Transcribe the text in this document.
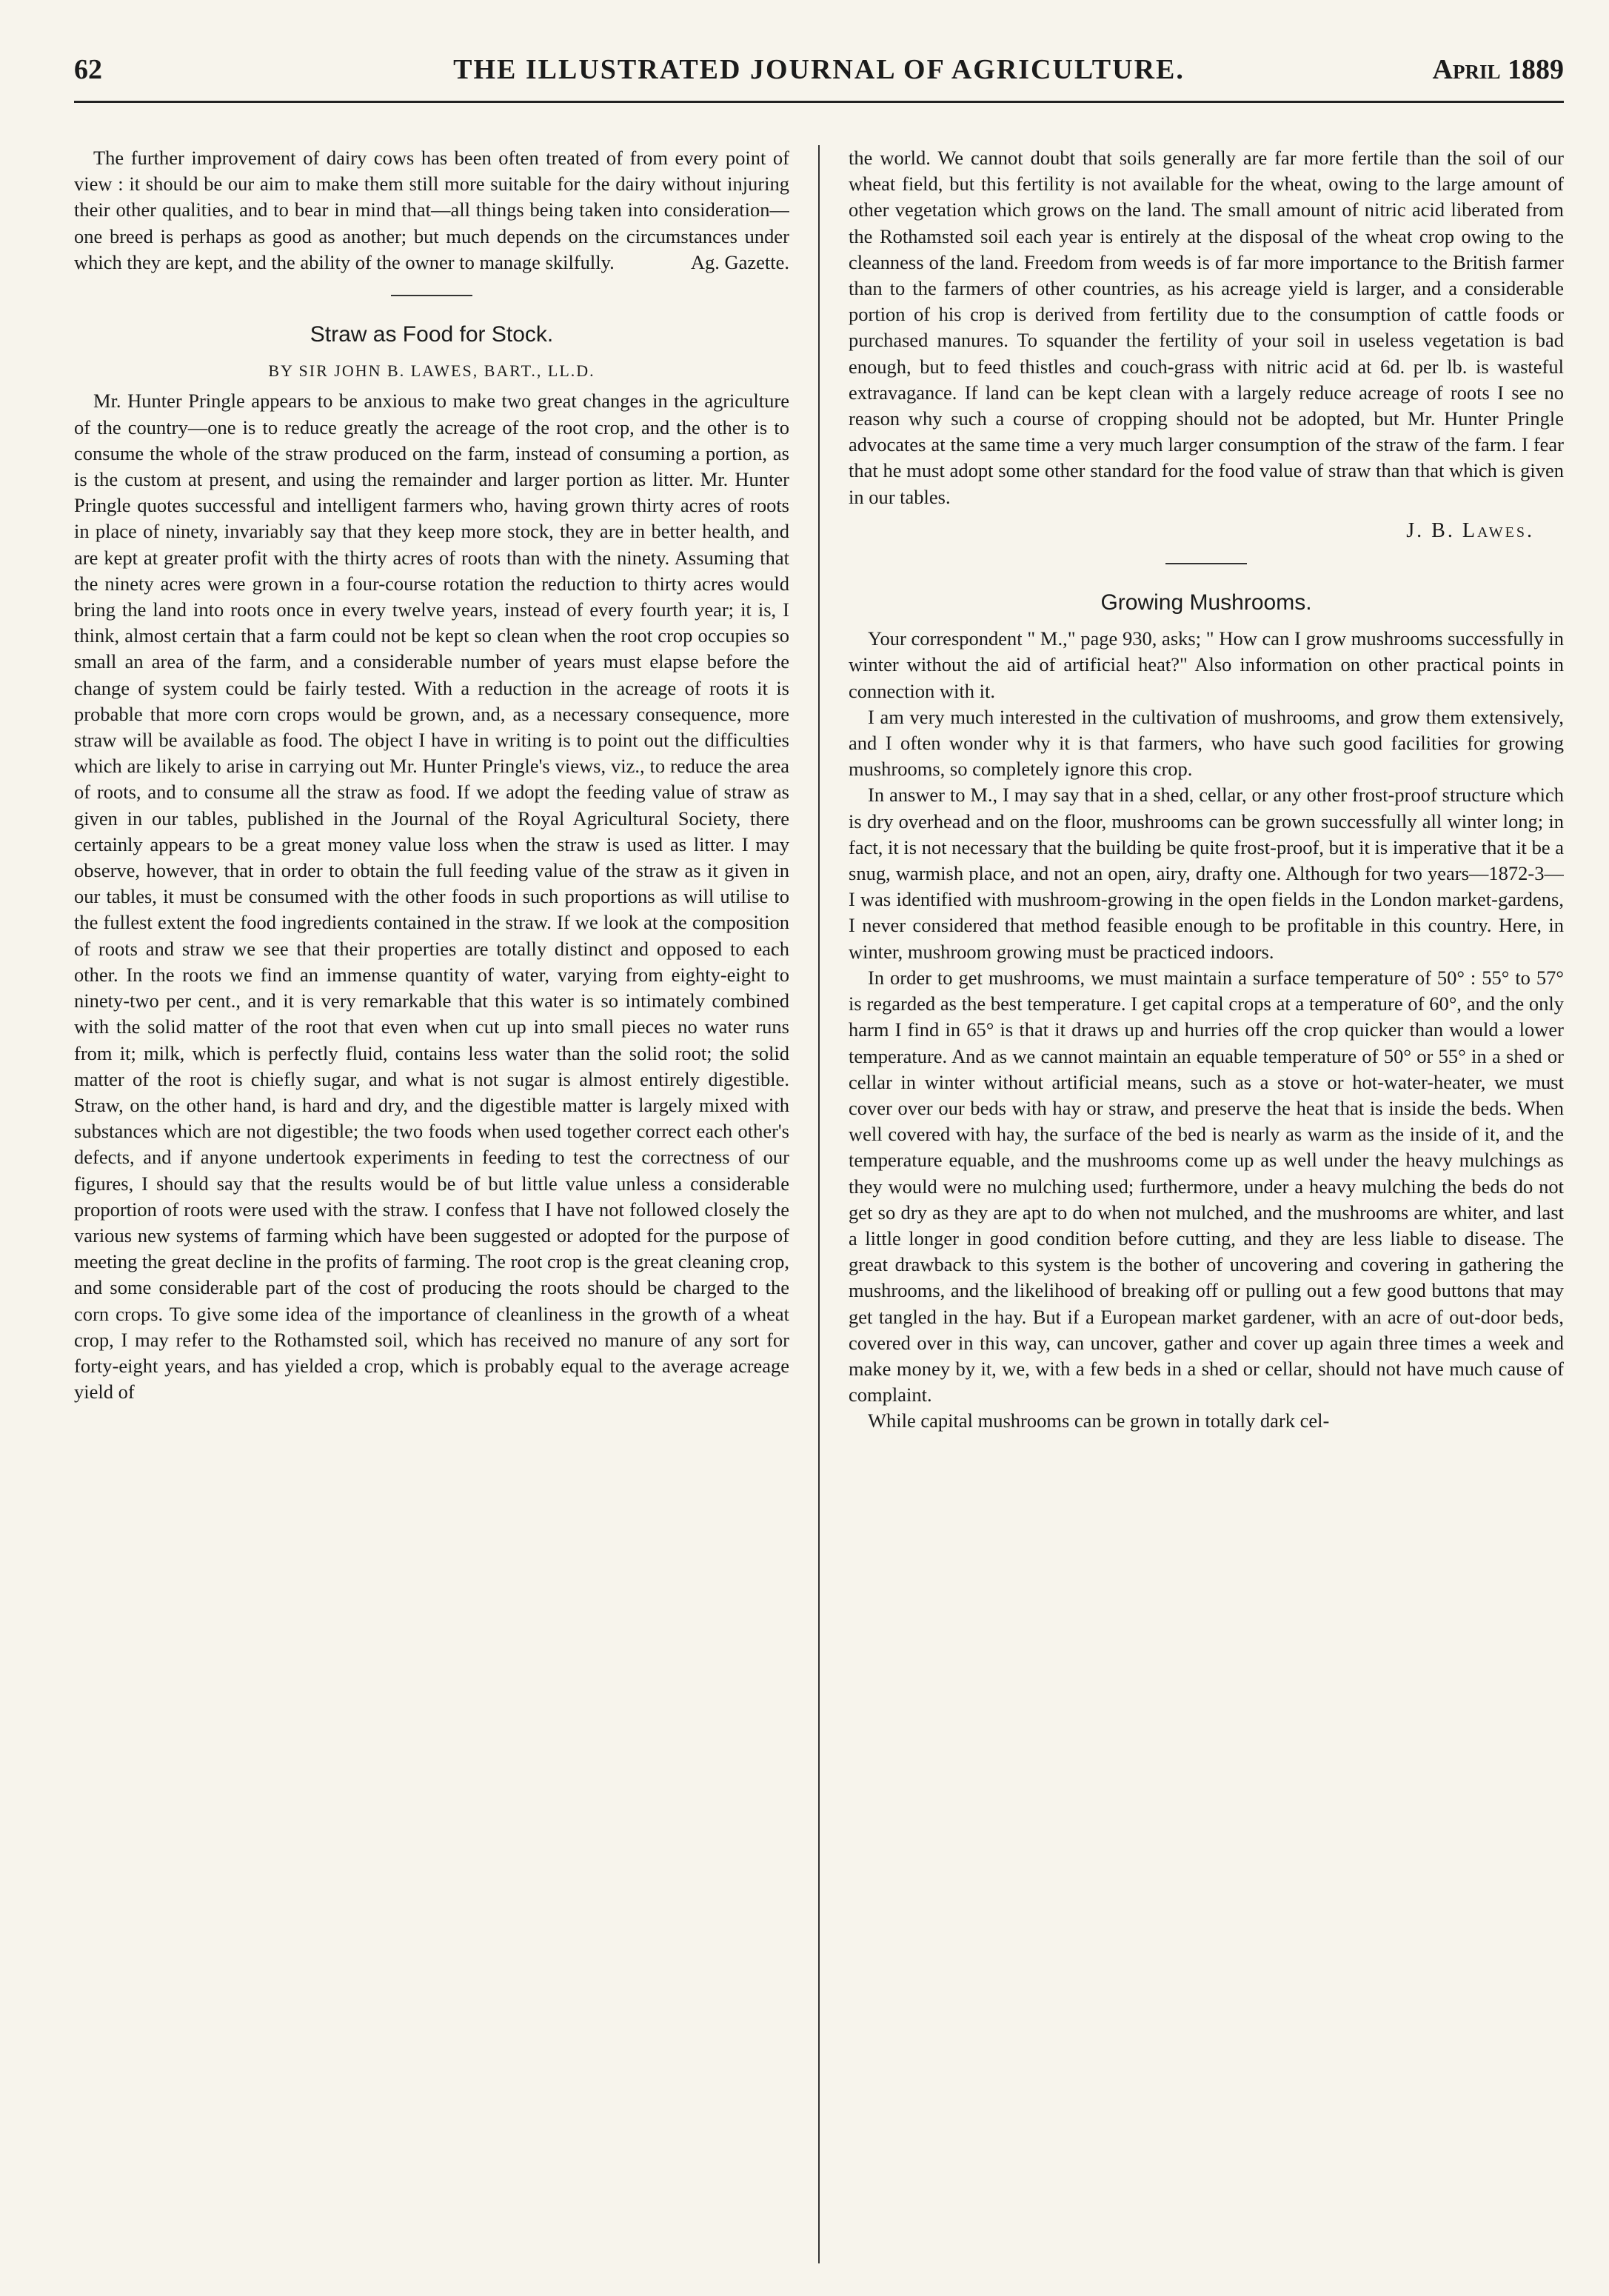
62	THE ILLUSTRATED JOURNAL OF AGRICULTURE.	April 1889

The further improvement of dairy cows has been often treated of from every point of view : it should be our aim to make them still more suitable for the dairy without injuring their other qualities, and to bear in mind that—all things being taken into consideration—one breed is perhaps as good as another; but much depends on the circumstances under which they are kept, and the ability of the owner to manage skilfully.	Ag. Gazette.

Straw as Food for Stock.
BY SIR JOHN B. LAWES, BART., LL.D.

Mr. Hunter Pringle appears to be anxious to make two great changes in the agriculture of the country—one is to reduce greatly the acreage of the root crop, and the other is to consume the whole of the straw produced on the farm, instead of consuming a portion, as is the custom at present, and using the remainder and larger portion as litter. Mr. Hunter Pringle quotes successful and intelligent farmers who, having grown thirty acres of roots in place of ninety, invariably say that they keep more stock, they are in better health, and are kept at greater profit with the thirty acres of roots than with the ninety. Assuming that the ninety acres were grown in a four-course rotation the reduction to thirty acres would bring the land into roots once in every twelve years, instead of every fourth year; it is, I think, almost certain that a farm could not be kept so clean when the root crop occupies so small an area of the farm, and a considerable number of years must elapse before the change of system could be fairly tested. With a reduction in the acreage of roots it is probable that more corn crops would be grown, and, as a necessary consequence, more straw will be available as food. The object I have in writing is to point out the difficulties which are likely to arise in carrying out Mr. Hunter Pringle's views, viz., to reduce the area of roots, and to consume all the straw as food. If we adopt the feeding value of straw as given in our tables, published in the Journal of the Royal Agricultural Society, there certainly appears to be a great money value loss when the straw is used as litter. I may observe, however, that in order to obtain the full feeding value of the straw as it given in our tables, it must be consumed with the other foods in such proportions as will utilise to the fullest extent the food ingredients contained in the straw. If we look at the composition of roots and straw we see that their properties are totally distinct and opposed to each other. In the roots we find an immense quantity of water, varying from eighty-eight to ninety-two per cent., and it is very remarkable that this water is so intimately combined with the solid matter of the root that even when cut up into small pieces no water runs from it; milk, which is perfectly fluid, contains less water than the solid root; the solid matter of the root is chiefly sugar, and what is not sugar is almost entirely digestible. Straw, on the other hand, is hard and dry, and the digestible matter is largely mixed with substances which are not digestible; the two foods when used together correct each other's defects, and if anyone undertook experiments in feeding to test the correctness of our figures, I should say that the results would be of but little value unless a considerable proportion of roots were used with the straw. I confess that I have not followed closely the various new systems of farming which have been suggested or adopted for the purpose of meeting the great decline in the profits of farming. The root crop is the great cleaning crop, and some considerable part of the cost of producing the roots should be charged to the corn crops. To give some idea of the importance of cleanliness in the growth of a wheat crop, I may refer to the Rothamsted soil, which has received no manure of any sort for forty-eight years, and has yielded a crop, which is probably equal to the average acreage yield of

the world. We cannot doubt that soils generally are far more fertile than the soil of our wheat field, but this fertility is not available for the wheat, owing to the large amount of other vegetation which grows on the land. The small amount of nitric acid liberated from the Rothamsted soil each year is entirely at the disposal of the wheat crop owing to the cleanness of the land. Freedom from weeds is of far more importance to the British farmer than to the farmers of other countries, as his acreage yield is larger, and a considerable portion of his crop is derived from fertility due to the consumption of cattle foods or purchased manures. To squander the fertility of your soil in useless vegetation is bad enough, but to feed thistles and couch-grass with nitric acid at 6d. per lb. is wasteful extravagance. If land can be kept clean with a largely reduce acreage of roots I see no reason why such a course of cropping should not be adopted, but Mr. Hunter Pringle advocates at the same time a very much larger consumption of the straw of the farm. I fear that he must adopt some other standard for the food value of straw than that which is given in our tables.

J. B. Lawes.
Growing Mushrooms.

Your correspondent " M.," page 930, asks; " How can I grow mushrooms successfully in winter without the aid of artificial heat?" Also information on other practical points in connection with it.

I am very much interested in the cultivation of mushrooms, and grow them extensively, and I often wonder why it is that farmers, who have such good facilities for growing mushrooms, so completely ignore this crop.

In answer to M., I may say that in a shed, cellar, or any other frost-proof structure which is dry overhead and on the floor, mushrooms can be grown successfully all winter long; in fact, it is not necessary that the building be quite frost-proof, but it is imperative that it be a snug, warmish place, and not an open, airy, drafty one. Although for two years—1872-3—I was identified with mushroom-growing in the open fields in the London market-gardens, I never considered that method feasible enough to be profitable in this country. Here, in winter, mushroom growing must be practiced indoors.

In order to get mushrooms, we must maintain a surface temperature of 50° : 55° to 57° is regarded as the best temperature. I get capital crops at a temperature of 60°, and the only harm I find in 65° is that it draws up and hurries off the crop quicker than would a lower temperature. And as we cannot maintain an equable temperature of 50° or 55° in a shed or cellar in winter without artificial means, such as a stove or hot-water-heater, we must cover over our beds with hay or straw, and preserve the heat that is inside the beds. When well covered with hay, the surface of the bed is nearly as warm as the inside of it, and the temperature equable, and the mushrooms come up as well under the heavy mulchings as they would were no mulching used; furthermore, under a heavy mulching the beds do not get so dry as they are apt to do when not mulched, and the mushrooms are whiter, and last a little longer in good condition before cutting, and they are less liable to disease. The great drawback to this system is the bother of uncovering and covering in gathering the mushrooms, and the likelihood of breaking off or pulling out a few good buttons that may get tangled in the hay. But if a European market gardener, with an acre of out-door beds, covered over in this way, can uncover, gather and cover up again three times a week and make money by it, we, with a few beds in a shed or cellar, should not have much cause of complaint.

While capital mushrooms can be grown in totally dark cel-
